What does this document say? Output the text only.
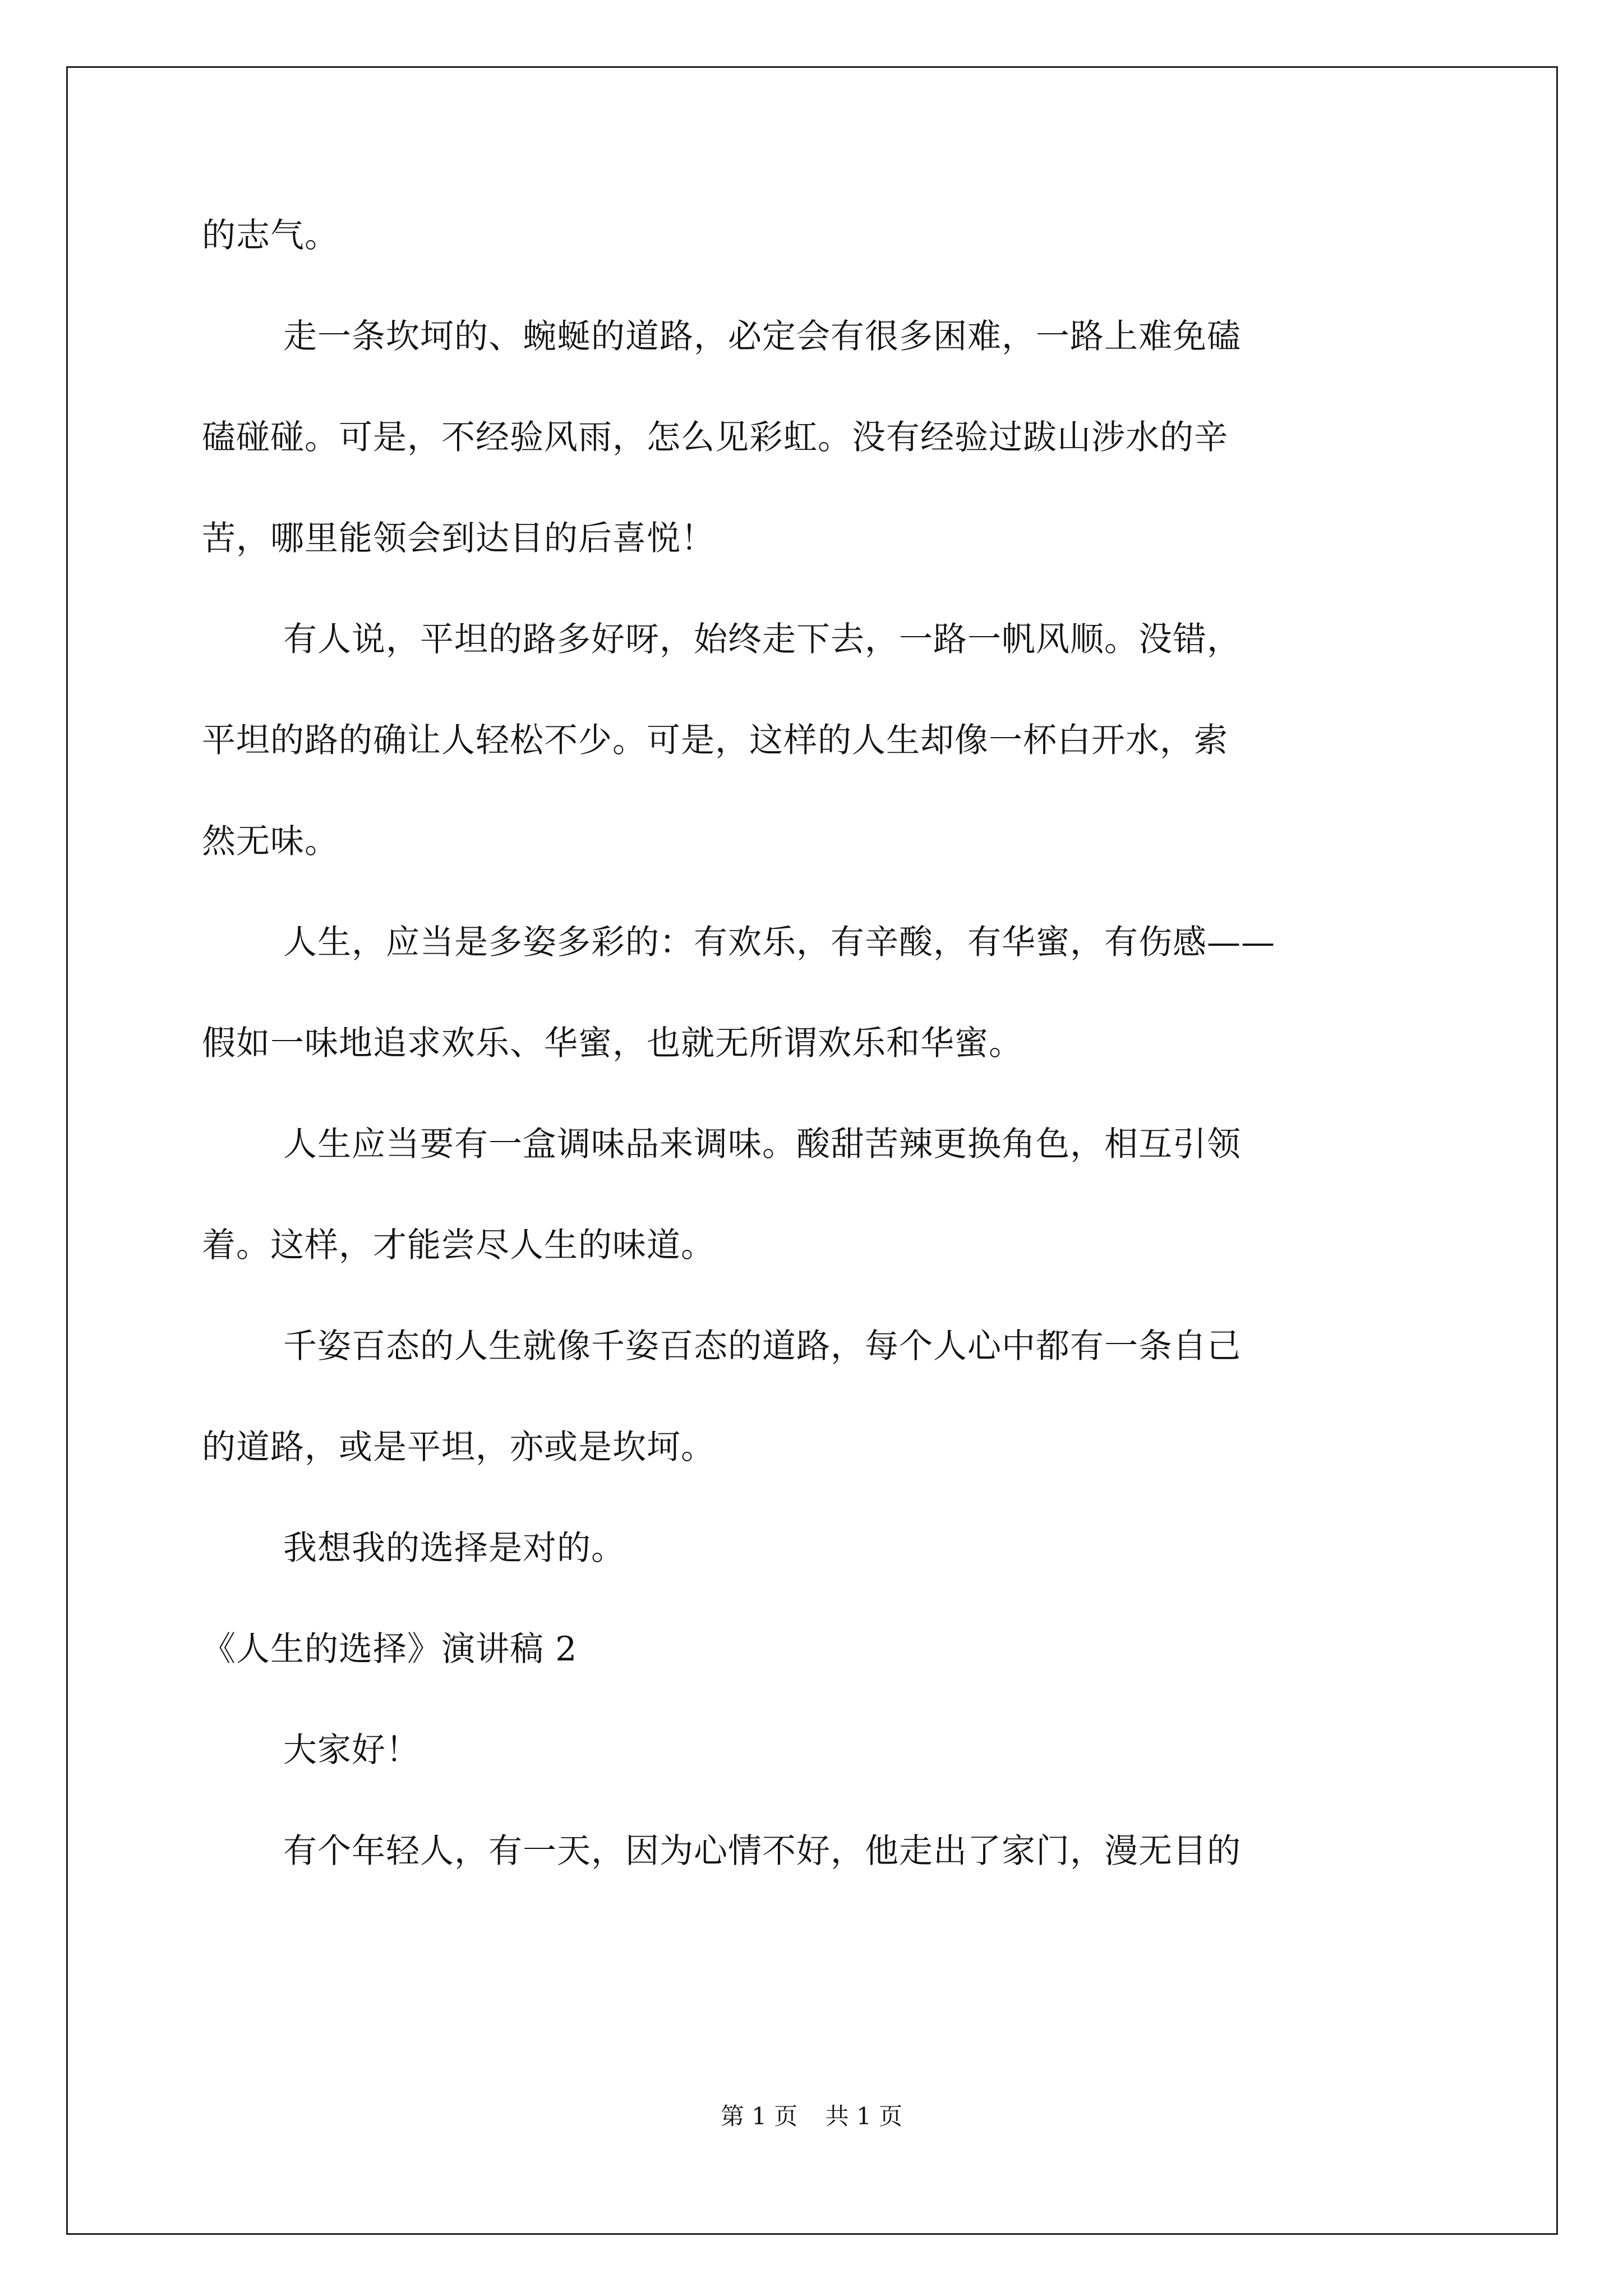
的志气。

走一条坎坷的、蜿蜒的道路，必定会有很多困难，一路上难免磕
磕碰碰。可是，不经验风雨，怎么见彩虹。没有经验过跋山涉水的辛
苦，哪里能领会到达目的后喜悦！

有人说，平坦的路多好呀，始终走下去，一路一帆风顺。没错，
平坦的路的确让人轻松不少。可是，这样的人生却像一杯白开水，索
然无味。

人生，应当是多姿多彩的：有欢乐，有辛酸，有华蜜，有伤感——
假如一味地追求欢乐、华蜜，也就无所谓欢乐和华蜜。

人生应当要有一盒调味品来调味。酸甜苦辣更换角色，相互引领
着。这样，才能尝尽人生的味道。

千姿百态的人生就像千姿百态的道路，每个人心中都有一条自己
的道路，或是平坦，亦或是坎坷。

我想我的选择是对的。

《人生的选择》演讲稿 2

大家好！

有个年轻人，有一天，因为心情不好，他走出了家门，漫无目的

第 1 页 共 1 页
